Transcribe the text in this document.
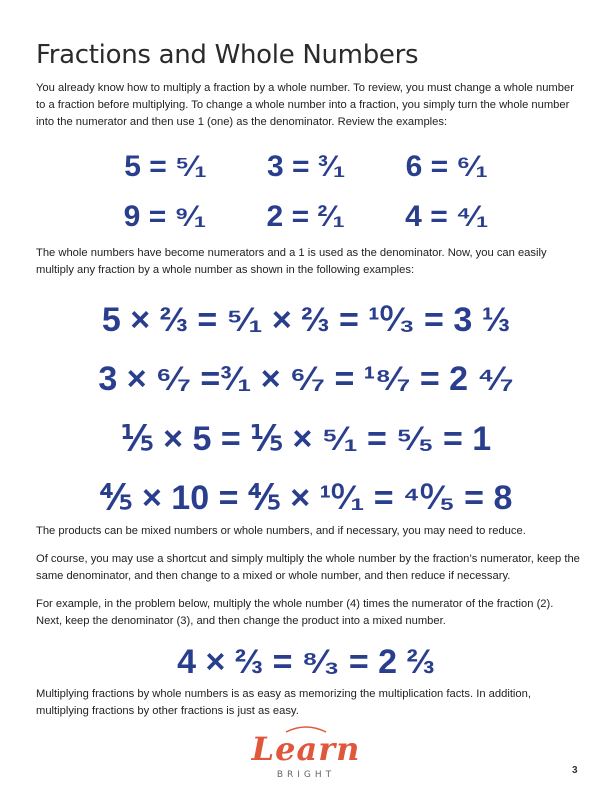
Fractions and Whole Numbers

You already know how to multiply a fraction by a whole number. To review, you must change a whole number to a fraction before multiplying. To change a whole number into a fraction, you simply turn the whole number into the numerator and then use 1 (one) as the denominator. Review the examples:

5 = ⁵⁄₁ 3 = ³⁄₁ 6 = ⁶⁄₁
9 = ⁹⁄₁ 2 = ²⁄₁ 4 = ⁴⁄₁

The whole numbers have become numerators and a 1 is used as the denominator. Now, you can easily multiply any fraction by a whole number as shown in the following examples:

5 × ⅔ = ⁵⁄₁ × ⅔ = ¹⁰⁄₃ = 3 ⅓
3 × ⁶⁄₇ =³⁄₁ × ⁶⁄₇ = ¹⁸⁄₇ = 2 ⁴⁄₇
⅕ × 5 = ⅕ × ⁵⁄₁ = ⁵⁄₅ = 1
⅘ × 10 = ⅘ × ¹⁰⁄₁ = ⁴⁰⁄₅ = 8

The products can be mixed numbers or whole numbers, and if necessary, you may need to reduce.

Of course, you may use a shortcut and simply multiply the whole number by the fraction’s numerator, keep the same denominator, and then change to a mixed or whole number, and then reduce if necessary.

For example, in the problem below, multiply the whole number (4) times the numerator of the fraction (2). Next, keep the denominator (3), and then change the product into a mixed number.

4 × ⅔ = ⁸⁄₃ = 2 ⅔

Multiplying fractions by whole numbers is as easy as memorizing the multiplication facts. In addition, multiplying fractions by other fractions is just as easy.

Learn
BRIGHT	3
